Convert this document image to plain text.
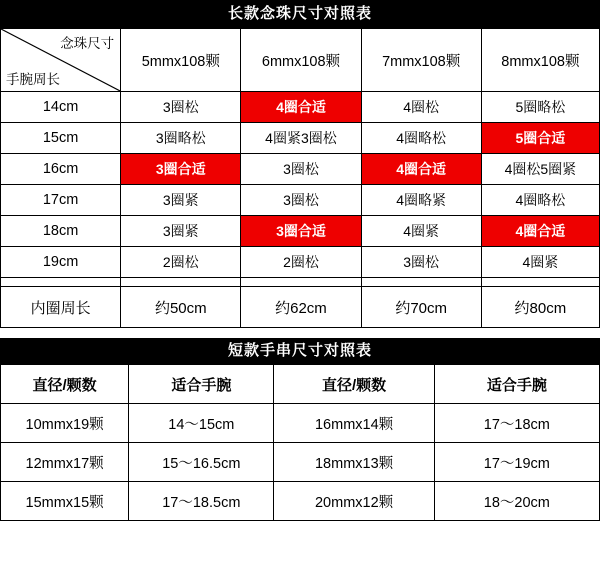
长款念珠尺寸对照表
念珠尺寸
手腕周长	5mmx108颗	6mmx108颗	7mmx108颗	8mmx108颗
14cm	3圈松	4圈合适	4圈松	5圈略松
15cm	3圈略松	4圈紧3圈松	4圈略松	5圈合适
16cm	3圈合适	3圈松	4圈合适	4圈松5圈紧
17cm	3圈紧	3圈松	4圈略紧	4圈略松
18cm	3圈紧	3圈合适	4圈紧	4圈合适
19cm	2圈松	2圈松	3圈松	4圈紧

内圈周长	约50cm	约62cm	约70cm	约80cm
短款手串尺寸对照表
直径/颗数	适合手腕	直径/颗数	适合手腕
10mmx19颗	14～15cm	16mmx14颗	17～18cm
12mmx17颗	15～16.5cm	18mmx13颗	17～19cm
15mmx15颗	17～18.5cm	20mmx12颗	18～20cm
